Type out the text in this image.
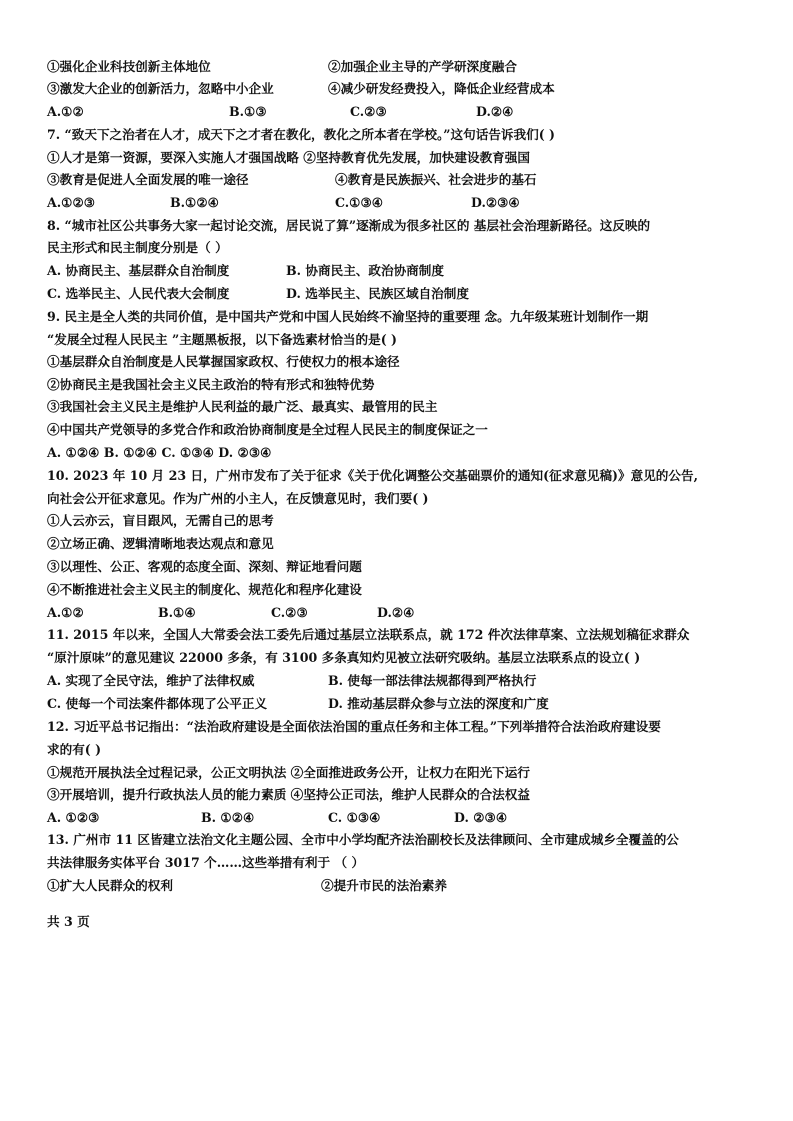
①强化企业科技创新主体地位	②加强企业主导的产学研深度融合
③激发大企业的创新活力，忽略中小企业	④减少研发经费投入，降低企业经营成本
A.①②	B.①③	C.②③	D.②④
7. “致天下之治者在人才，成天下之才者在教化，教化之所本者在学校。”这句话告诉我们( )
①人才是第一资源，要深入实施人才强国战略 ②坚持教育优先发展，加快建设教育强国
③教育是促进人全面发展的唯一途径	④教育是民族振兴、社会进步的基石
A.①②③	B.①②④	C.①③④	D.②③④
8. “城市社区公共事务大家一起讨论交流，居民说了算”逐渐成为很多社区的 基层社会治理新路径。这反映的
民主形式和民主制度分别是（ ）
A. 协商民主、基层群众自治制度	B. 协商民主、政治协商制度
C. 选举民主、人民代表大会制度	D. 选举民主、民族区域自治制度
9. 民主是全人类的共同价值，是中国共产党和中国人民始终不渝坚持的重要理 念。九年级某班计划制作一期
“发展全过程人民民主 ”主题黑板报，以下备选素材恰当的是( )
①基层群众自治制度是人民掌握国家政权、行使权力的根本途径
②协商民主是我国社会主义民主政治的特有形式和独特优势
③我国社会主义民主是维护人民利益的最广泛、最真实、最管用的民主
④中国共产党领导的多党合作和政治协商制度是全过程人民民主的制度保证之一
A. ①②④ B. ①②④ C. ①③④ D. ②③④
10. 2023 年 10 月 23 日，广州市发布了关于征求《关于优化调整公交基础票价的通知(征求意见稿)》意见的公告,
向社会公开征求意见。作为广州的小主人，在反馈意见时，我们要( )
①人云亦云，盲目跟风，无需自己的思考
②立场正确、逻辑清晰地表达观点和意见
③以理性、公正、客观的态度全面、深刻、辩证地看问题
④不断推进社会主义民主的制度化、规范化和程序化建设
A.①②	B.①④	C.②③	D.②④
11. 2015 年以来，全国人大常委会法工委先后通过基层立法联系点，就 172 件次法律草案、立法规划稿征求群众
“原汁原味”的意见建议 22000 多条，有 3100 多条真知灼见被立法研究吸纳。基层立法联系点的设立( )
A. 实现了全民守法，维护了法律权威	B. 使每一部法律法规都得到严格执行
C. 使每一个司法案件都体现了公平正义	D. 推动基层群众参与立法的深度和广度
12. 习近平总书记指出：“法治政府建设是全面依法治国的重点任务和主体工程。”下列举措符合法治政府建设要
求的有( )
①规范开展执法全过程记录，公正文明执法 ②全面推进政务公开，让权力在阳光下运行
③开展培训，提升行政执法人员的能力素质 ④坚持公正司法，维护人民群众的合法权益
A. ①②③	B. ①②④	C. ①③④	D. ②③④
13. 广州市 11 区皆建立法治文化主题公园、全市中小学均配齐法治副校长及法律顾问、全市建成城乡全覆盖的公
共法律服务实体平台 3017 个……这些举措有利于 （ ）
①扩大人民群众的权利	②提升市民的法治素养
共 3 页
